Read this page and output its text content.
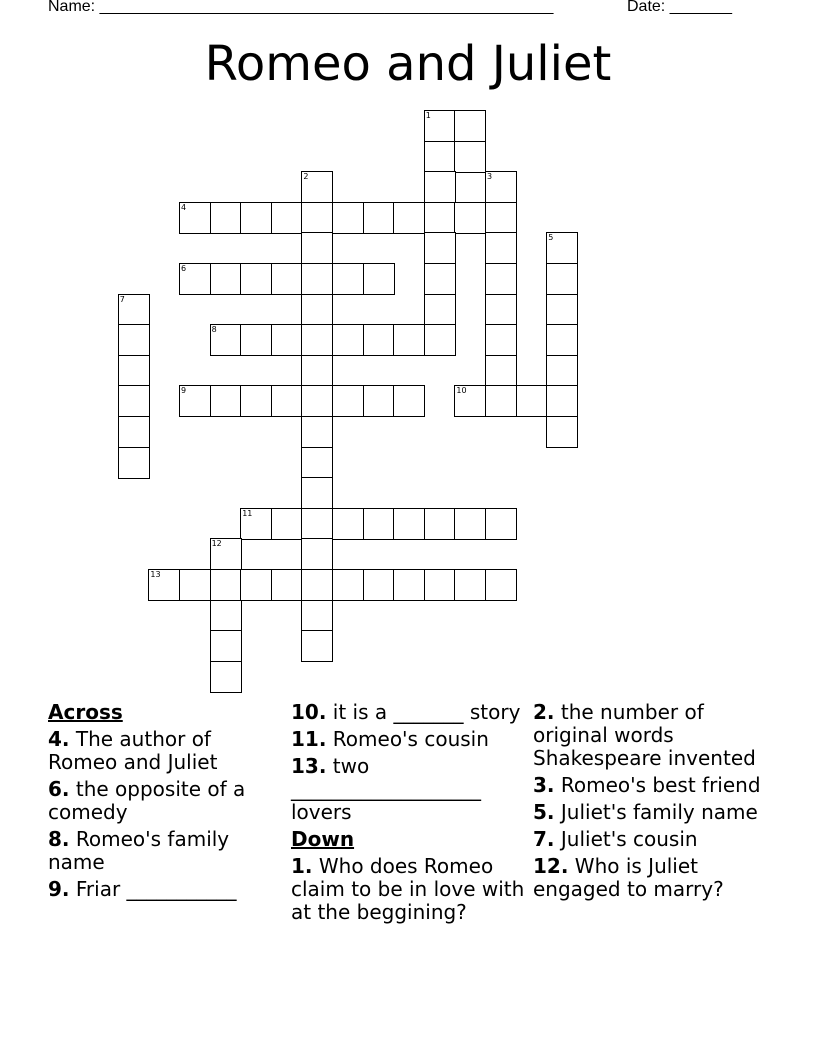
Name: ___________________________________________________	Date: _______
Romeo and Juliet
1
2	3
4
5
6
7
8
9	10
11
12
13
Across
4. The author of Romeo and Juliet
6. the opposite of a comedy
8. Romeo's family name
9. Friar ___________
10. it is a _______ story
11. Romeo's cousin
13. two ___________________ lovers
Down
1. Who does Romeo claim to be in love with at the beggining?
2. the number of original words Shakespeare invented
3. Romeo's best friend
5. Juliet's family name
7. Juliet's cousin
12. Who is Juliet engaged to marry?
